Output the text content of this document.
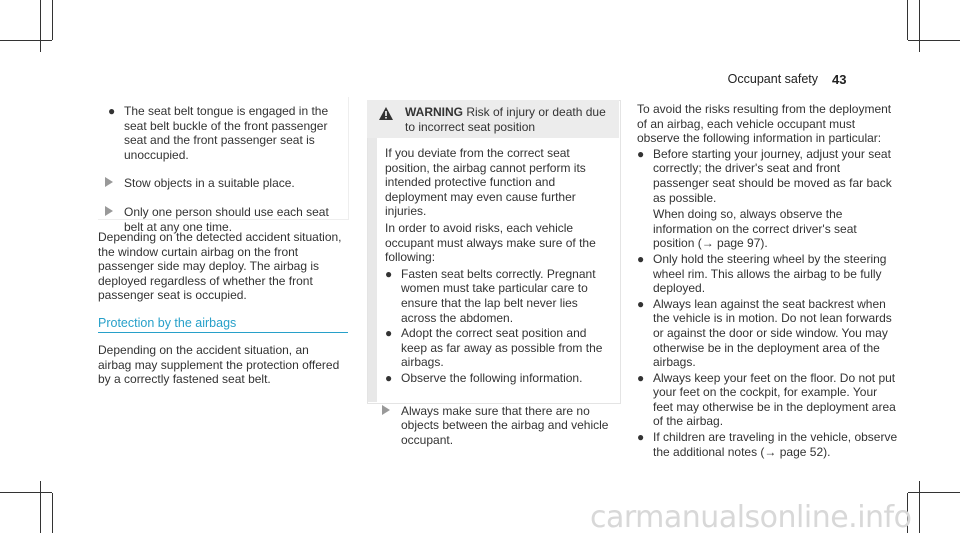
Occupant safety 43
● The seat belt tongue is engaged in the seat belt buckle of the front passenger seat and the front passenger seat is unoccupied.
Stow objects in a suitable place.
Only one person should use each seat belt at any one time.
Depending on the detected accident situation, the window curtain airbag on the front passenger side may deploy. The airbag is deployed regardless of whether the front passenger seat is occupied.
Protection by the airbags
Depending on the accident situation, an airbag may supplement the protection offered by a correctly fastened seat belt.
WARNING Risk of injury or death due to incorrect seat position
If you deviate from the correct seat position, the airbag cannot perform its intended protective function and deployment may even cause further injuries.
In order to avoid risks, each vehicle occupant must always make sure of the following:
● Fasten seat belts correctly. Pregnant women must take particular care to ensure that the lap belt never lies across the abdomen.
● Adopt the correct seat position and keep as far away as possible from the airbags.
● Observe the following information.
Always make sure that there are no objects between the airbag and vehicle occupant.
To avoid the risks resulting from the deployment of an airbag, each vehicle occupant must observe the following information in particular:
● Before starting your journey, adjust your seat correctly; the driver's seat and front passenger seat should be moved as far back as possible.
When doing so, always observe the information on the correct driver's seat position (→ page 97).
● Only hold the steering wheel by the steering wheel rim. This allows the airbag to be fully deployed.
● Always lean against the seat backrest when the vehicle is in motion. Do not lean forwards or against the door or side window. You may otherwise be in the deployment area of the airbags.
● Always keep your feet on the floor. Do not put your feet on the cockpit, for example. Your feet may otherwise be in the deployment area of the airbag.
● If children are traveling in the vehicle, observe the additional notes (→ page 52).
carmanualsonline.info
